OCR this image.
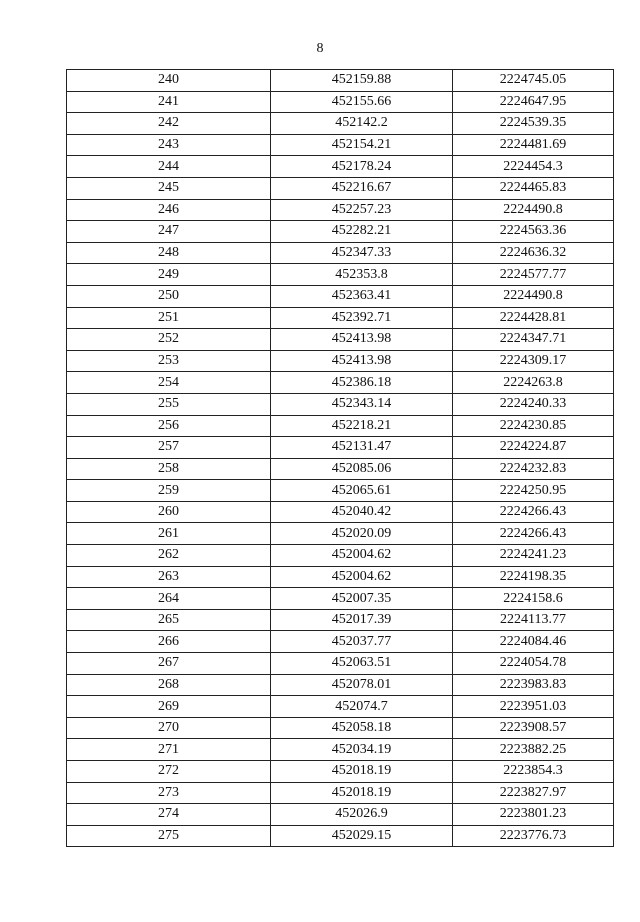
8
240	452159.88	2224745.05
241	452155.66	2224647.95
242	452142.2	2224539.35
243	452154.21	2224481.69
244	452178.24	2224454.3
245	452216.67	2224465.83
246	452257.23	2224490.8
247	452282.21	2224563.36
248	452347.33	2224636.32
249	452353.8	2224577.77
250	452363.41	2224490.8
251	452392.71	2224428.81
252	452413.98	2224347.71
253	452413.98	2224309.17
254	452386.18	2224263.8
255	452343.14	2224240.33
256	452218.21	2224230.85
257	452131.47	2224224.87
258	452085.06	2224232.83
259	452065.61	2224250.95
260	452040.42	2224266.43
261	452020.09	2224266.43
262	452004.62	2224241.23
263	452004.62	2224198.35
264	452007.35	2224158.6
265	452017.39	2224113.77
266	452037.77	2224084.46
267	452063.51	2224054.78
268	452078.01	2223983.83
269	452074.7	2223951.03
270	452058.18	2223908.57
271	452034.19	2223882.25
272	452018.19	2223854.3
273	452018.19	2223827.97
274	452026.9	2223801.23
275	452029.15	2223776.73
